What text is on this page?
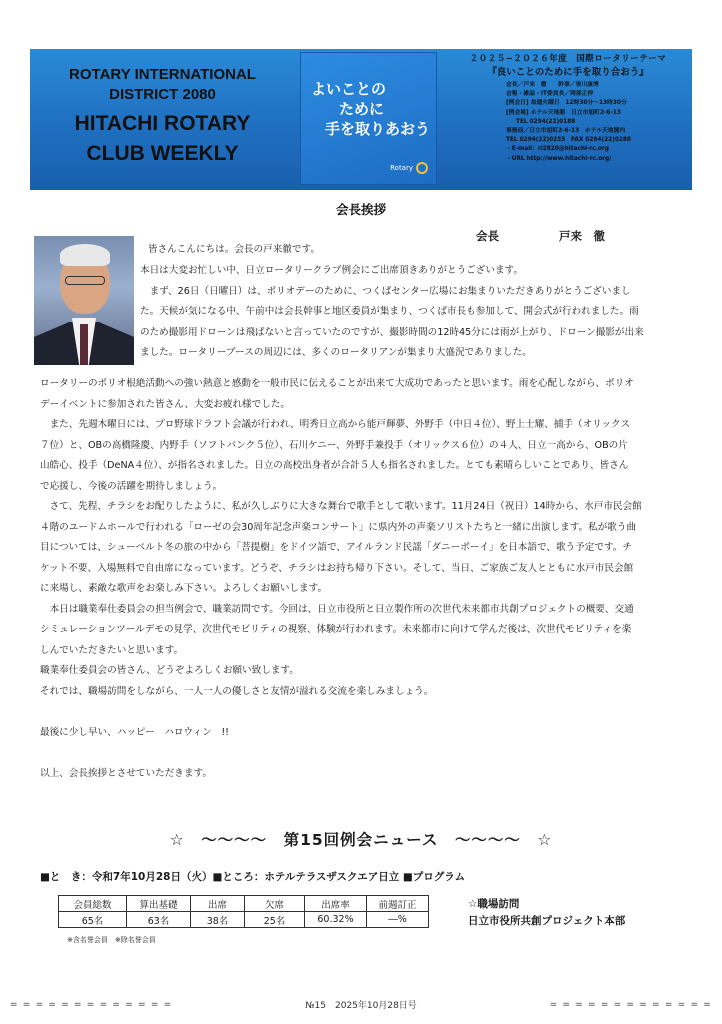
ROTARY INTERNATIONAL
DISTRICT 2080
HITACHI ROTARY
CLUB WEEKLY
よいことの
ために
手を取りあおう
Rotary
２０２５−２０２６年度　国際ロータリーテーマ
『良いことのために手を取り合おう』
会長／戸来　徹　　幹事／皆川康博
会報・雑誌・IT委員長／岡部正伸
[例会日] 毎週火曜日　12時30分〜13時30分
[例会場] ホテル天地閣　日立市旭町2-6-13
TEL 0294(22)0188
事務局／日立市旭町2-6-13　ホテル天地閣内
TEL 0294(22)0255　FAX 0294(22)0288
・E-mail：ri2820@hitachi-rc.org
・URL http://www.hitachi-rc.org/
会長挨拶
会長	戸来　徹
皆さんこんにちは。会長の戸来徹です。
本日は大変お忙しい中、日立ロータリークラブ例会にご出席頂きありがとうございます。
　まず、26日（日曜日）は、ポリオデーのために、つくばセンター広場にお集まりいただきありがとうございまし
た。天候が気になる中、午前中は会長幹事と地区委員が集まり、つくば市長も参加して、開会式が行われました。雨
のため撮影用ドローンは飛ばないと言っていたのですが、撮影時間の12時45分には雨が上がり、ドローン撮影が出来
ました。ロータリーブースの周辺には、多くのロータリアンが集まり大盛況でありました。
ロータリーのポリオ根絶活動への強い熱意と感動を一般市民に伝えることが出来て大成功であったと思います。雨を心配しながら、ポリオ
デーイベントに参加された皆さん、大変お疲れ様でした。
　また、先週木曜日には、プロ野球ドラフト会議が行われ、明秀日立高から能戸輝夢、外野手（中日４位）、野上士耀、捕手（オリックス
７位）と、OBの高橋隆慶、内野手（ソフトバンク５位）、石川ケニー、外野手兼投手（オリックス６位）の４人、日立一高から、OBの片
山皓心、投手（DeNA４位）、が指名されました。日立の高校出身者が合計５人も指名されました。とても素晴らしいことであり、皆さん
で応援し、今後の活躍を期待しましょう。
　さて、先程、チラシをお配りしたように、私が久しぶりに大きな舞台で歌手として歌います。11月24日（祝日）14時から、水戸市民会館
４階のユードムホールで行われる「ローゼの会30周年記念声楽コンサート」に県内外の声楽ソリストたちと一緒に出演します。私が歌う曲
目については、シューベルト冬の旅の中から「菩提樹」をドイツ語で、アイルランド民謡「ダニーボーイ」を日本語で、歌う予定です。チ
ケット不要、入場無料で自由席になっています。どうぞ、チラシはお持ち帰り下さい。そして、当日、ご家族ご友人とともに水戸市民会館
に来場し、素敵な歌声をお楽しみ下さい。よろしくお願いします。
　本日は職業奉仕委員会の担当例会で、職業訪問です。今回は、日立市役所と日立製作所の次世代未来都市共創プロジェクトの概要、交通
シミュレーションツールデモの見学、次世代モビリティの視察、体験が行われます。未来都市に向けて学んだ後は、次世代モビリティを楽
しんでいただきたいと思います。
職業奉仕委員会の皆さん、どうぞよろしくお願い致します。
それでは、職場訪問をしながら、一人一人の優しさと友情が溢れる交流を楽しみましょう。
最後に少し早い、ハッピー　ハロウィン　!!
以上、会長挨拶とさせていただきます。
☆　〜〜〜〜　第15回例会ニュース　〜〜〜〜　☆
■と　き：令和7年10月28日（火）■ところ：ホテルテラスザスクエア日立 ■プログラム
会員総数	算出基礎	出席	欠席	出席率	前週訂正
65名	63名	38名	25名	60.32%	―%
※含名誉会員　※除名誉会員
☆職場訪問
日立市役所共創プロジェクト本部
= = = = = = = = = = = = =	№15　2025年10月28日号	= = = = = = = = = = = = =
